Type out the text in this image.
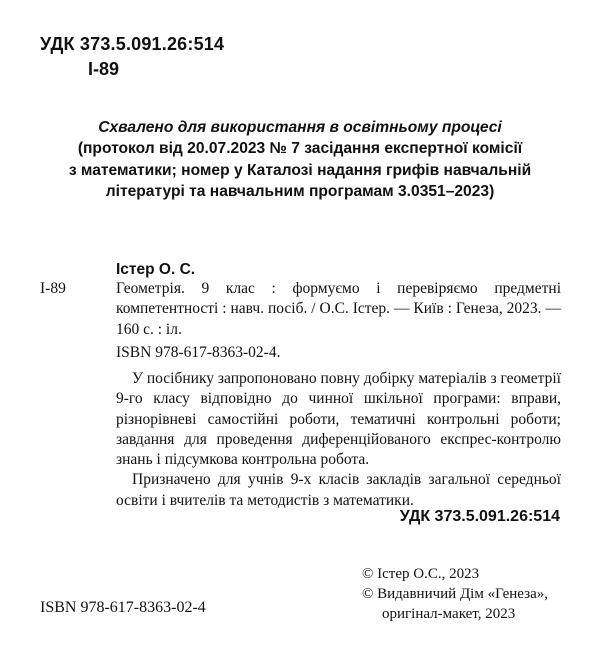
УДК 373.5.091.26:514
І-89
Схвалено для використання в освітньому процесі
(протокол від 20.07.2023 № 7 засідання експертної комісії
з математики; номер у Каталозі надання грифів навчальній
літературі та навчальним програмам 3.0351–2023)
Істер О. С.
І-89	Геометрія. 9 клас : формуємо і перевіряємо предметні компетентності : навч. посіб. / О.С. Істер. — Київ : Генеза, 2023. — 160 с. : іл.
ISBN 978-617-8363-02-4.

У посібнику запропоновано повну добірку матеріалів з геометрії 9-го класу відповідно до чинної шкільної програми: вправи, різнорівневі самостійні роботи, тематичні контрольні роботи; завдання для проведення диференційованого експрес-контролю знань і підсумкова контрольна робота.

Призначено для учнів 9-х класів закладів загальної середньої освіти і вчителів та методистів з математики.

УДК 373.5.091.26:514
© Істер О.С., 2023
© Видавничий Дім «Генеза»,
оригінал-макет, 2023
ISBN 978-617-8363-02-4
